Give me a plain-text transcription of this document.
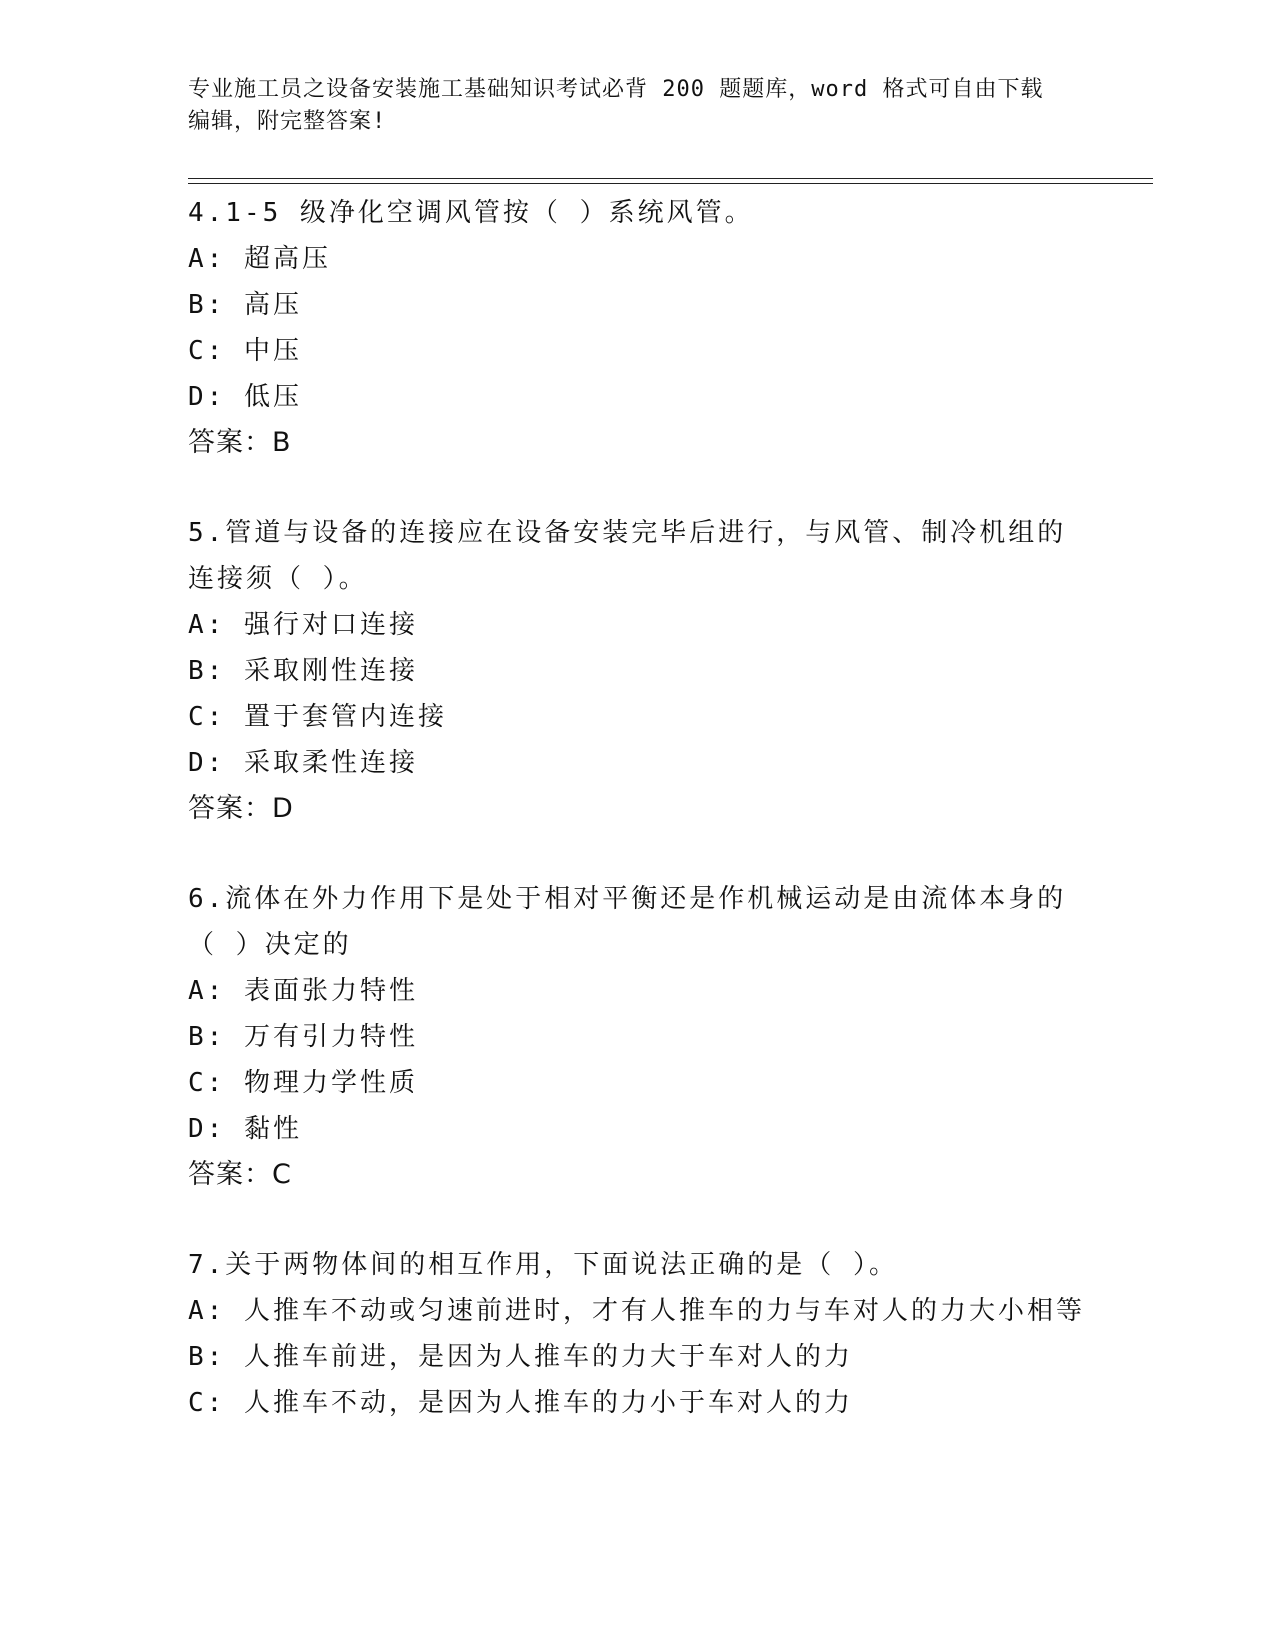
专业施工员之设备安装施工基础知识考试必背 200 题题库，word 格式可自由下载
编辑，附完整答案!
4.1-5 级净化空调风管按（ ）系统风管。
A: 超高压
B: 高压
C: 中压
D: 低压
答案：B
5.管道与设备的连接应在设备安装完毕后进行，与风管、制冷机组的
连接须（ ）。
A: 强行对口连接
B: 采取刚性连接
C: 置于套管内连接
D: 采取柔性连接
答案：D
6.流体在外力作用下是处于相对平衡还是作机械运动是由流体本身的
（ ）决定的
A: 表面张力特性
B: 万有引力特性
C: 物理力学性质
D: 黏性
答案：C
7.关于两物体间的相互作用，下面说法正确的是（ ）。
A: 人推车不动或匀速前进时，才有人推车的力与车对人的力大小相等
B: 人推车前进，是因为人推车的力大于车对人的力
C: 人推车不动，是因为人推车的力小于车对人的力
